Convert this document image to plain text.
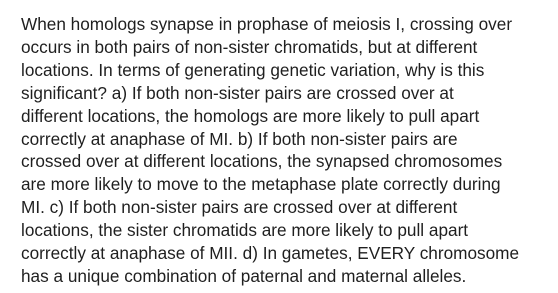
When homologs synapse in prophase of meiosis I, crossing over
occurs in both pairs of non-sister chromatids, but at different
locations. In terms of generating genetic variation, why is this
significant? a) If both non-sister pairs are crossed over at
different locations, the homologs are more likely to pull apart
correctly at anaphase of MI. b) If both non-sister pairs are
crossed over at different locations, the synapsed chromosomes
are more likely to move to the metaphase plate correctly during
MI. c) If both non-sister pairs are crossed over at different
locations, the sister chromatids are more likely to pull apart
correctly at anaphase of MII. d) In gametes, EVERY chromosome
has a unique combination of paternal and maternal alleles.
